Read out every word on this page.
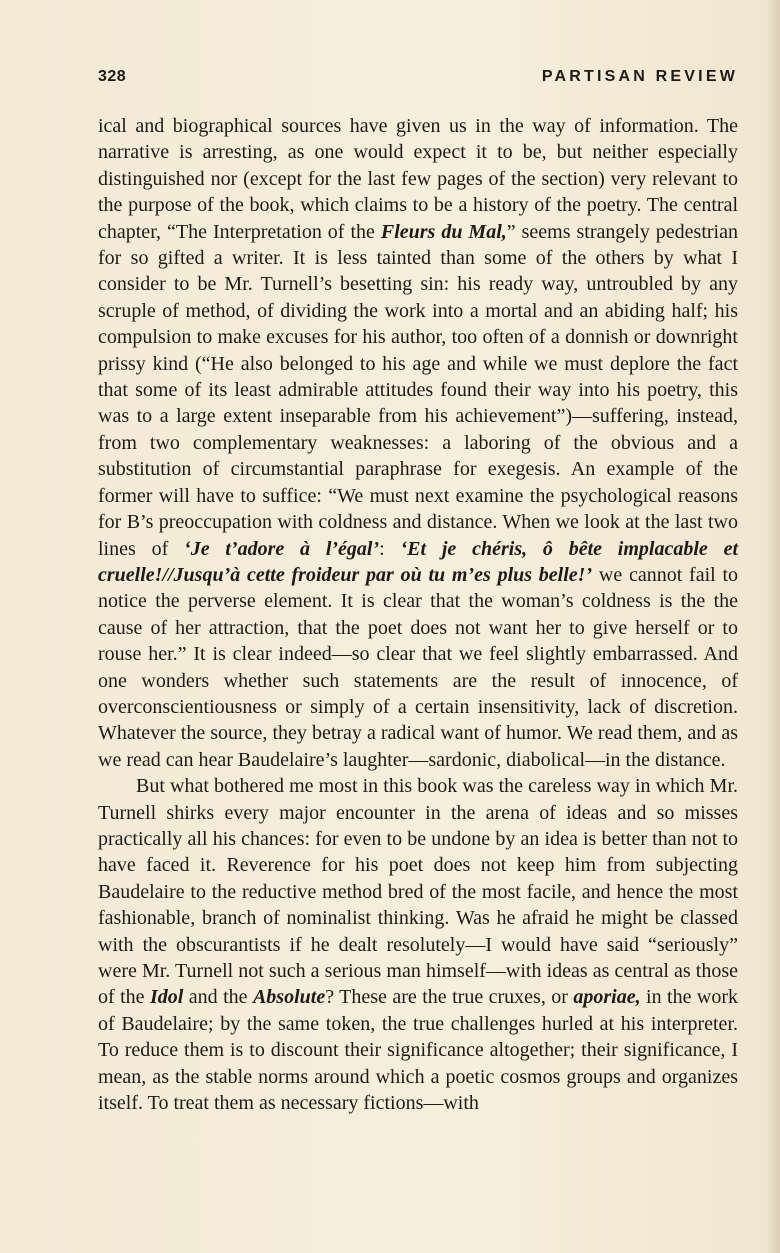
328	PARTISAN REVIEW

ical and biographical sources have given us in the way of information. The narrative is arresting, as one would expect it to be, but neither especially distinguished nor (except for the last few pages of the section) very relevant to the purpose of the book, which claims to be a history of the poetry. The central chapter, “The Interpretation of the Fleurs du Mal,” seems strangely pedestrian for so gifted a writer. It is less tainted than some of the others by what I consider to be Mr. Turnell’s besetting sin: his ready way, untroubled by any scruple of method, of dividing the work into a mortal and an abiding half; his compulsion to make excuses for his author, too often of a donnish or downright prissy kind (“He also belonged to his age and while we must deplore the fact that some of its least admirable attitudes found their way into his poetry, this was to a large extent inseparable from his achievement”)—suffering, instead, from two complementary weaknesses: a laboring of the obvious and a substitution of circumstantial paraphrase for exegesis. An example of the former will have to suffice: “We must next examine the psychological reasons for B’s preoccupation with coldness and distance. When we look at the last two lines of ‘Je t’adore à l’égal’: ‘Et je chéris, ô bête implacable et cruelle!//Jusqu’à cette froideur par où tu m’es plus belle!’ we cannot fail to notice the perverse element. It is clear that the woman’s coldness is the the cause of her attraction, that the poet does not want her to give herself or to rouse her.” It is clear indeed—so clear that we feel slightly embarrassed. And one wonders whether such statements are the result of innocence, of overconscientiousness or simply of a certain insensitivity, lack of discretion. Whatever the source, they betray a radical want of humor. We read them, and as we read can hear Baudelaire’s laughter—sardonic, diabolical—in the distance.

But what bothered me most in this book was the careless way in which Mr. Turnell shirks every major encounter in the arena of ideas and so misses practically all his chances: for even to be undone by an idea is better than not to have faced it. Reverence for his poet does not keep him from subjecting Baudelaire to the reductive method bred of the most facile, and hence the most fashionable, branch of nominalist thinking. Was he afraid he might be classed with the obscurantists if he dealt resolutely—I would have said “seriously” were Mr. Turnell not such a serious man himself—with ideas as central as those of the Idol and the Absolute? These are the true cruxes, or aporiae, in the work of Baudelaire; by the same token, the true challenges hurled at his interpreter. To reduce them is to discount their significance altogether; their significance, I mean, as the stable norms around which a poetic cosmos groups and organizes itself. To treat them as necessary fictions—with
